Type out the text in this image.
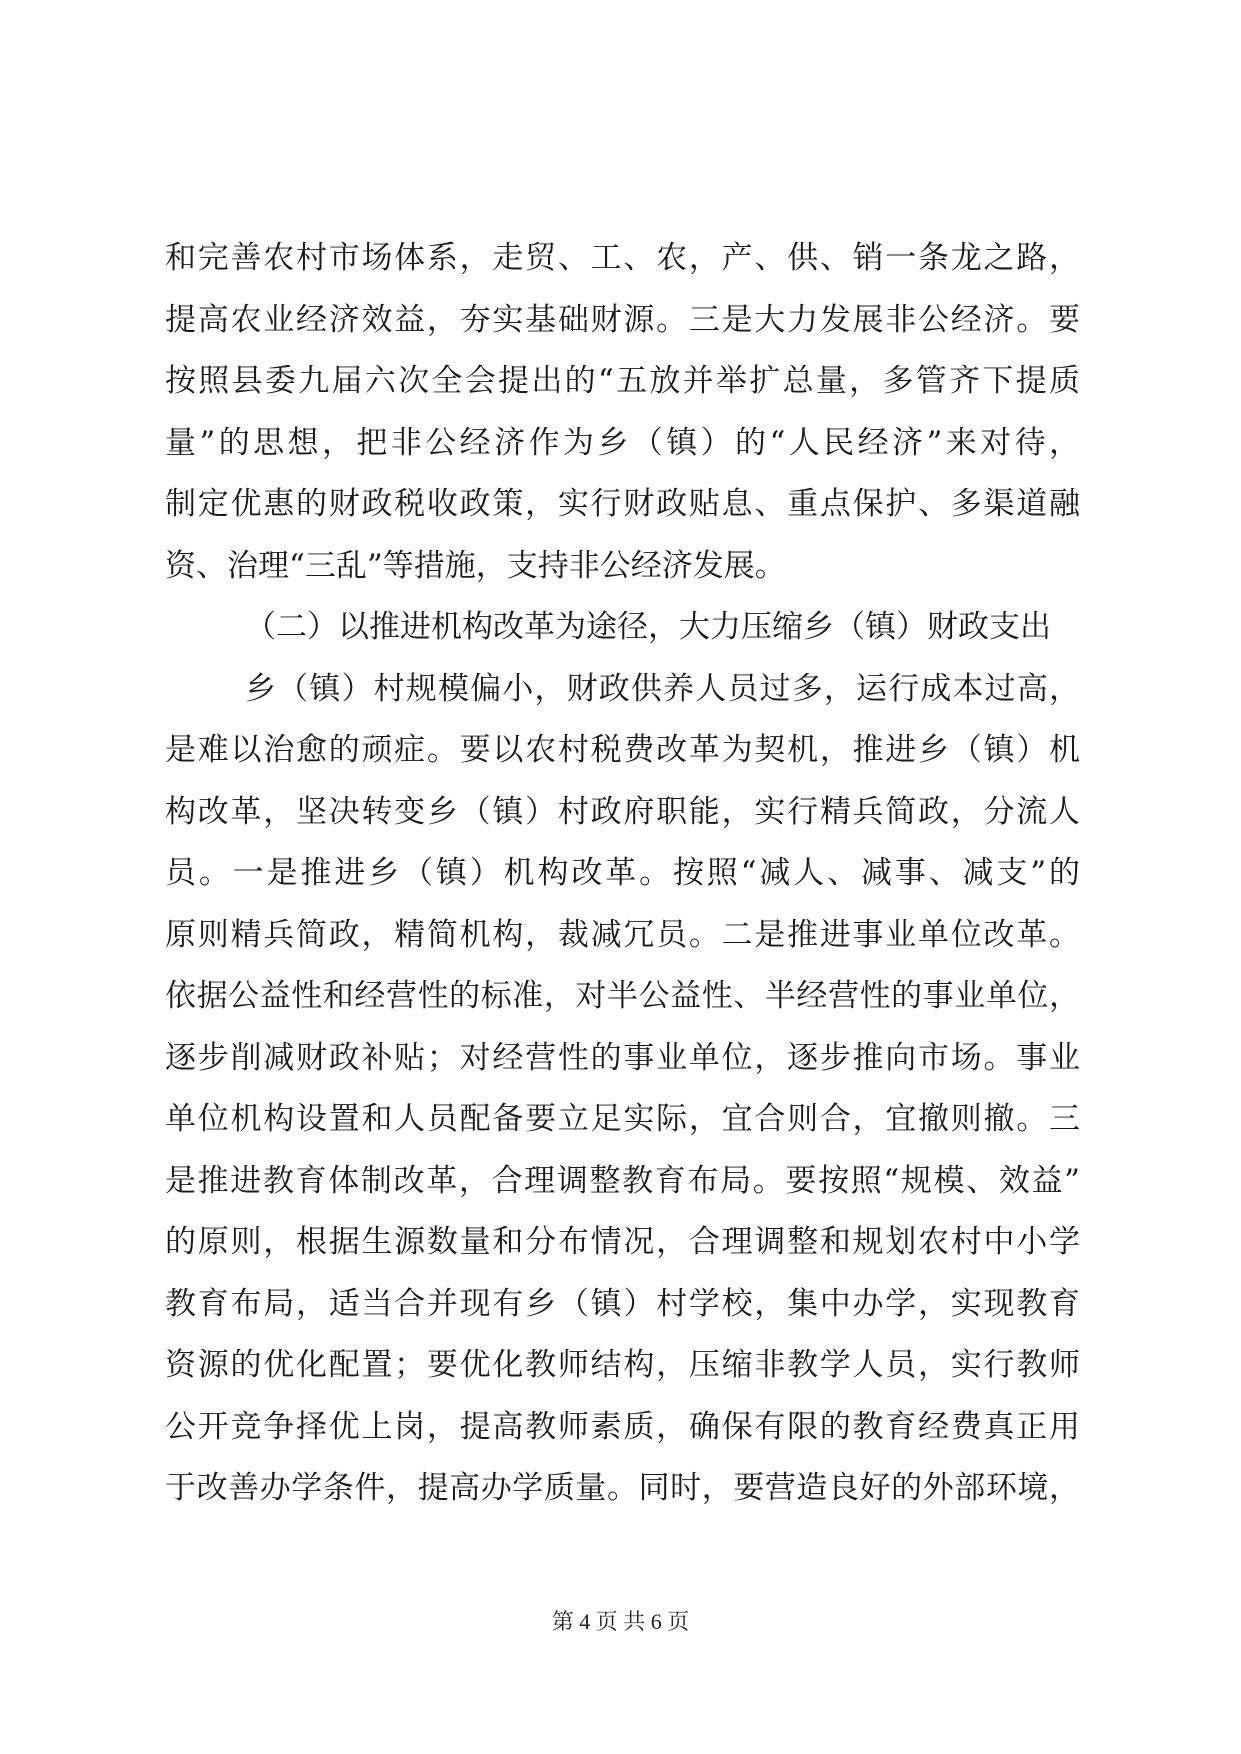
和完善农村市场体系，走贸、工、农，产、供、销一条龙之路，
提高农业经济效益，夯实基础财源。三是大力发展非公经济。要
按照县委九届六次全会提出的“五放并举扩总量，多管齐下提质
量”的思想，把非公经济作为乡（镇）的“人民经济”来对待，
制定优惠的财政税收政策，实行财政贴息、重点保护、多渠道融
资、治理“三乱”等措施，支持非公经济发展。
（二）以推进机构改革为途径，大力压缩乡（镇）财政支出
乡（镇）村规模偏小，财政供养人员过多，运行成本过高，
是难以治愈的顽症。要以农村税费改革为契机，推进乡（镇）机
构改革，坚决转变乡（镇）村政府职能，实行精兵简政，分流人
员。一是推进乡（镇）机构改革。按照“减人、减事、减支”的
原则精兵简政，精简机构，裁减冗员。二是推进事业单位改革。
依据公益性和经营性的标准，对半公益性、半经营性的事业单位，
逐步削减财政补贴；对经营性的事业单位，逐步推向市场。事业
单位机构设置和人员配备要立足实际，宜合则合，宜撤则撤。三
是推进教育体制改革，合理调整教育布局。要按照“规模、效益”
的原则，根据生源数量和分布情况，合理调整和规划农村中小学
教育布局，适当合并现有乡（镇）村学校，集中办学，实现教育
资源的优化配置；要优化教师结构，压缩非教学人员，实行教师
公开竞争择优上岗，提高教师素质，确保有限的教育经费真正用
于改善办学条件，提高办学质量。同时，要营造良好的外部环境，
第 4 页 共 6 页
